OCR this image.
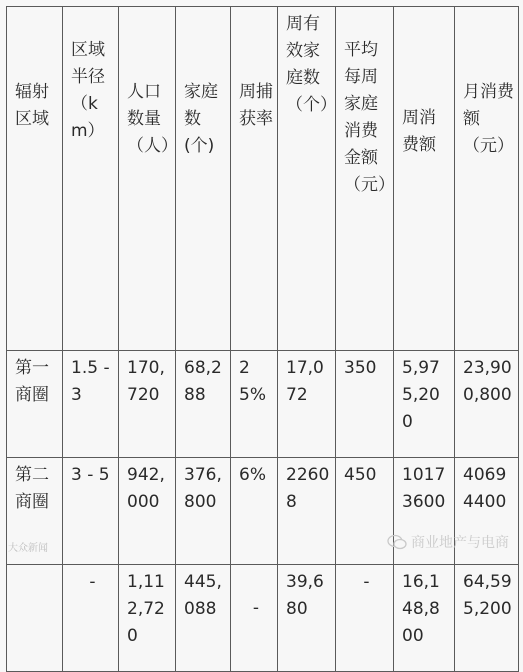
辐射区域	区域半径（km）	人口数量（人）	家庭数(个)	周捕获率	周有效家庭数（个）	平均每周家庭消费金额（元）	周消费额	月消费额（元）
第一商圈	1.5 - 3	170,720	68,288	25%	17,072	350	5,975,200	23,900,800
第二商圈	3 - 5	942,000	376,800	6%	22608	450	10173600	40694400
	-	1,112,720	445,088	-	39,680	-	16,148,800	64,595,200
大众新闻	商业地产与电商
